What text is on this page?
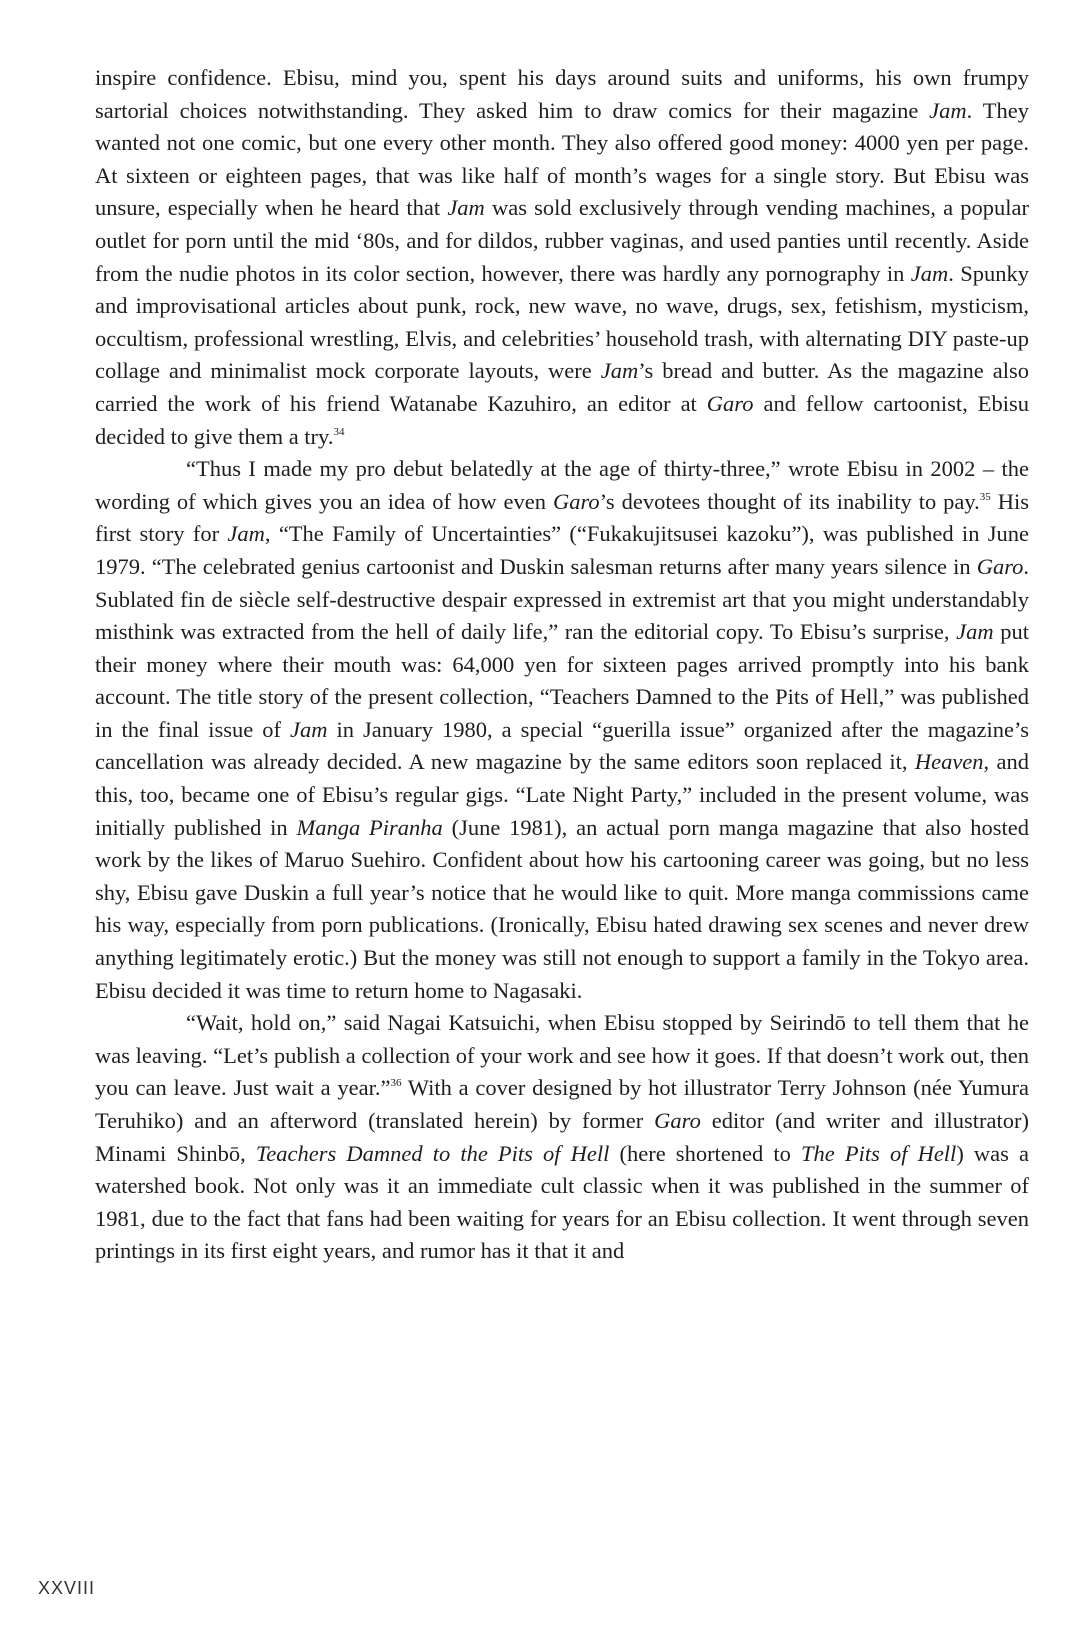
inspire confidence. Ebisu, mind you, spent his days around suits and uniforms, his own frumpy sartorial choices notwithstanding. They asked him to draw comics for their magazine Jam. They wanted not one comic, but one every other month. They also offered good money: 4000 yen per page. At sixteen or eighteen pages, that was like half of month’s wages for a single story. But Ebisu was unsure, especially when he heard that Jam was sold exclusively through vending machines, a popular outlet for porn until the mid ‘80s, and for dildos, rubber vaginas, and used panties until recently. Aside from the nudie photos in its color section, however, there was hardly any pornography in Jam. Spunky and improvisational articles about punk, rock, new wave, no wave, drugs, sex, fetishism, mysticism, occultism, professional wrestling, Elvis, and celebrities’ household trash, with alternating DIY paste-up collage and minimalist mock corporate layouts, were Jam’s bread and butter. As the magazine also carried the work of his friend Watanabe Kazuhiro, an editor at Garo and fellow cartoonist, Ebisu decided to give them a try.$^{34}$

“Thus I made my pro debut belatedly at the age of thirty-three,” wrote Ebisu in 2002 – the wording of which gives you an idea of how even Garo’s devotees thought of its inability to pay.$^{35}$ His first story for Jam, “The Family of Uncertainties” (“Fukakujitsusei kazoku”), was published in June 1979. “The celebrated genius cartoonist and Duskin salesman returns after many years silence in Garo. Sublated fin de siècle self-destructive despair expressed in extremist art that you might understandably misthink was extracted from the hell of daily life,” ran the editorial copy. To Ebisu’s surprise, Jam put their money where their mouth was: 64,000 yen for sixteen pages arrived promptly into his bank account. The title story of the present collection, “Teachers Damned to the Pits of Hell,” was published in the final issue of Jam in January 1980, a special “guerilla issue” organized after the magazine’s cancellation was already decided. A new magazine by the same editors soon replaced it, Heaven, and this, too, became one of Ebisu’s regular gigs. “Late Night Party,” included in the present volume, was initially published in Manga Piranha (June 1981), an actual porn manga magazine that also hosted work by the likes of Maruo Suehiro. Confident about how his cartooning career was going, but no less shy, Ebisu gave Duskin a full year’s notice that he would like to quit. More manga commissions came his way, especially from porn publications. (Ironically, Ebisu hated drawing sex scenes and never drew anything legitimately erotic.) But the money was still not enough to support a family in the Tokyo area. Ebisu decided it was time to return home to Nagasaki.

“Wait, hold on,” said Nagai Katsuichi, when Ebisu stopped by Seirindō to tell them that he was leaving. “Let’s publish a collection of your work and see how it goes. If that doesn’t work out, then you can leave. Just wait a year.”$^{36}$ With a cover designed by hot illustrator Terry Johnson (née Yumura Teruhiko) and an afterword (translated herein) by former Garo editor (and writer and illustrator) Minami Shinbō, Teachers Damned to the Pits of Hell (here shortened to The Pits of Hell) was a watershed book. Not only was it an immediate cult classic when it was published in the summer of 1981, due to the fact that fans had been waiting for years for an Ebisu collection. It went through seven printings in its first eight years, and rumor has it that it and

XXVIII
